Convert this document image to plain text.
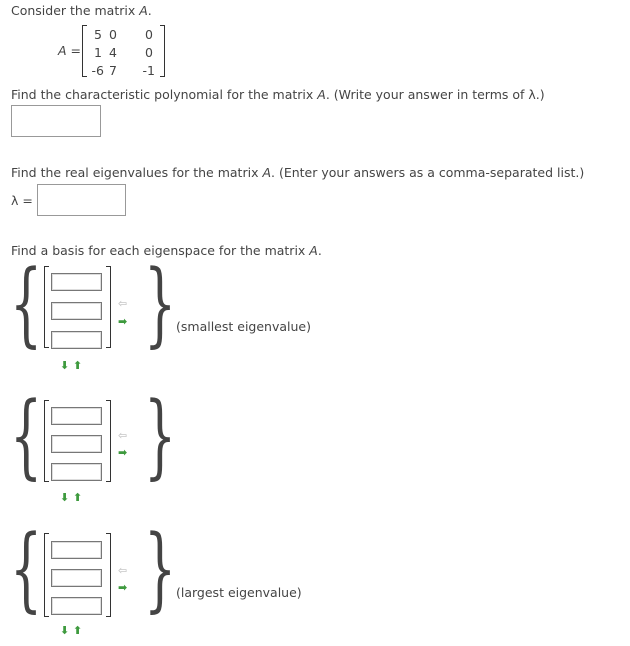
Consider the matrix A.
A =
5 0	0
1 4	0
-6 7 -1
Find the characteristic polynomial for the matrix A. (Write your answer in terms of λ.)
Find the real eigenvalues for the matrix A. (Enter your answers as a comma-separated list.)
λ =
Find a basis for each eigenspace for the matrix A.
{	⇦
➡ } (smallest eigenvalue)
⬇ ⬆
{	⇦
➡ }
⬇ ⬆
{	⇦
➡ } (largest eigenvalue)
⬇ ⬆
